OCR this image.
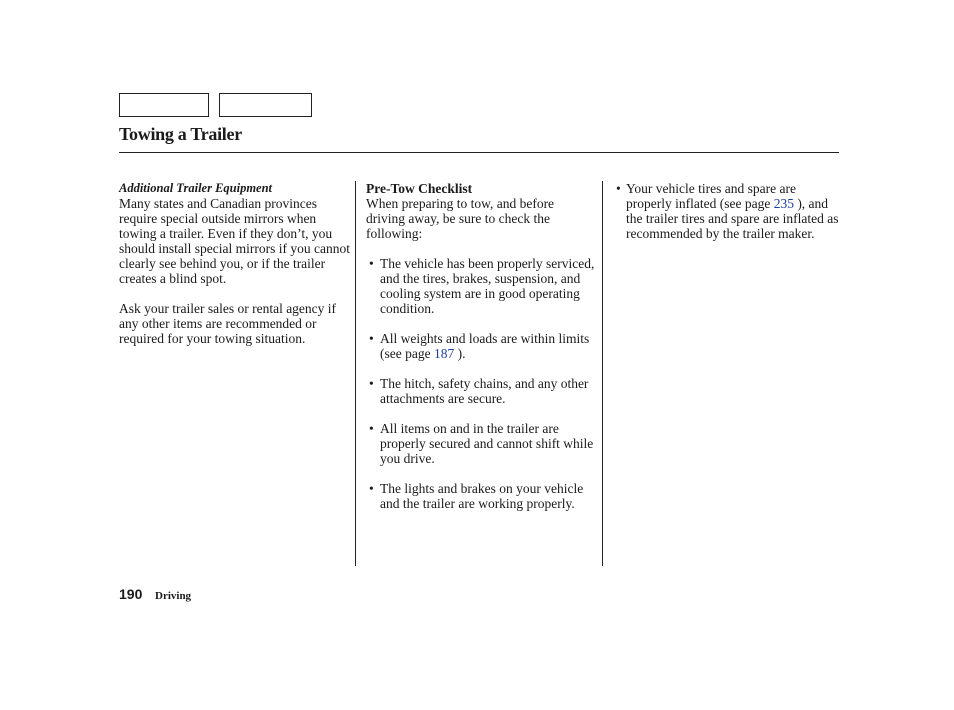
Towing a Trailer
Additional Trailer Equipment

Many states and Canadian provinces require special outside mirrors when towing a trailer. Even if they don’t, you should install special mirrors if you cannot clearly see behind you, or if the trailer creates a blind spot.

Ask your trailer sales or rental agency if any other items are recommended or required for your towing situation.

Pre-Tow Checklist

When preparing to tow, and before driving away, be sure to check the following:

• The vehicle has been properly serviced, and the tires, brakes, suspension, and cooling system are in good operating condition.
• All weights and loads are within limits (see page 187 ).
• The hitch, safety chains, and any other attachments are secure.
• All items on and in the trailer are properly secured and cannot shift while you drive.
• The lights and brakes on your vehicle and the trailer are working properly.
• Your vehicle tires and spare are properly inflated (see page 235 ), and the trailer tires and spare are inflated as recommended by the trailer maker.
190 Driving
